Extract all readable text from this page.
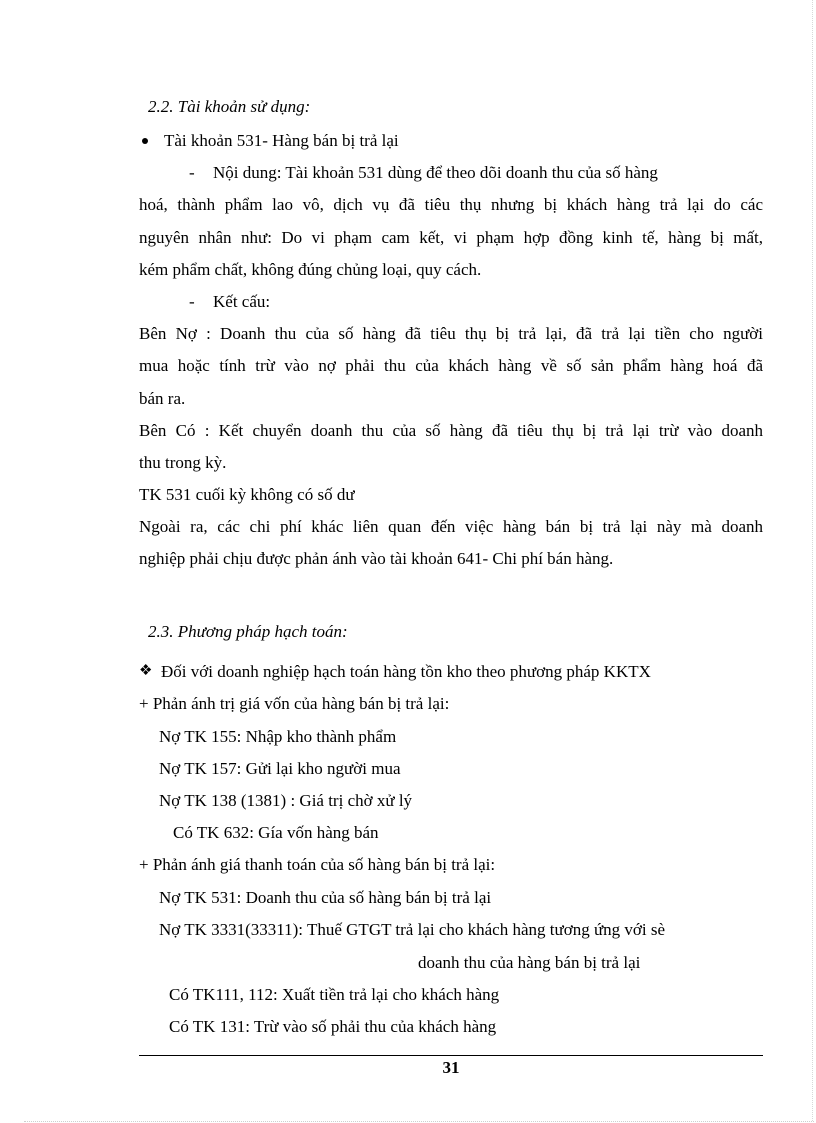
2.2. Tài khoản sử dụng:
Tài khoản 531- Hàng bán bị trả lại
- Nội dung: Tài khoản 531 dùng để theo dõi doanh thu của số hàng
hoá, thành phẩm lao vô, dịch vụ đã tiêu thụ nhưng bị khách hàng trả lại do các
nguyên nhân như: Do vi phạm cam kết, vi phạm hợp đồng kinh tế, hàng bị mất,
kém phẩm chất, không đúng chủng loại, quy cách.
- Kết cấu:
Bên Nợ : Doanh thu của số hàng đã tiêu thụ bị trả lại, đã trả lại tiền cho người
mua hoặc tính trừ vào nợ phải thu của khách hàng về số sản phẩm hàng hoá đã
bán ra.
Bên Có : Kết chuyển doanh thu của số hàng đã tiêu thụ bị trả lại trừ vào doanh
thu trong kỳ.
TK 531 cuối kỳ không có số dư
Ngoài ra, các chi phí khác liên quan đến việc hàng bán bị trả lại này mà doanh
nghiệp phải chịu được phản ánh vào tài khoản 641- Chi phí bán hàng.
2.3. Phương pháp hạch toán:
❖ Đối với doanh nghiệp hạch toán hàng tồn kho theo phương pháp KKTX
+ Phản ánh trị giá vốn của hàng bán bị trả lại:
Nợ TK 155: Nhập kho thành phẩm
Nợ TK 157: Gửi lại kho người mua
Nợ TK 138 (1381) : Giá trị chờ xử lý
Có TK 632: Gía vốn hàng bán
+ Phản ánh giá thanh toán của số hàng bán bị trả lại:
Nợ TK 531: Doanh thu của số hàng bán bị trả lại
Nợ TK 3331(33311): Thuế GTGT trả lại cho khách hàng tương ứng với sè
doanh thu của hàng bán bị trả lại
Có TK111, 112: Xuất tiền trả lại cho khách hàng
Có TK 131: Trừ vào số phải thu của khách hàng
31
